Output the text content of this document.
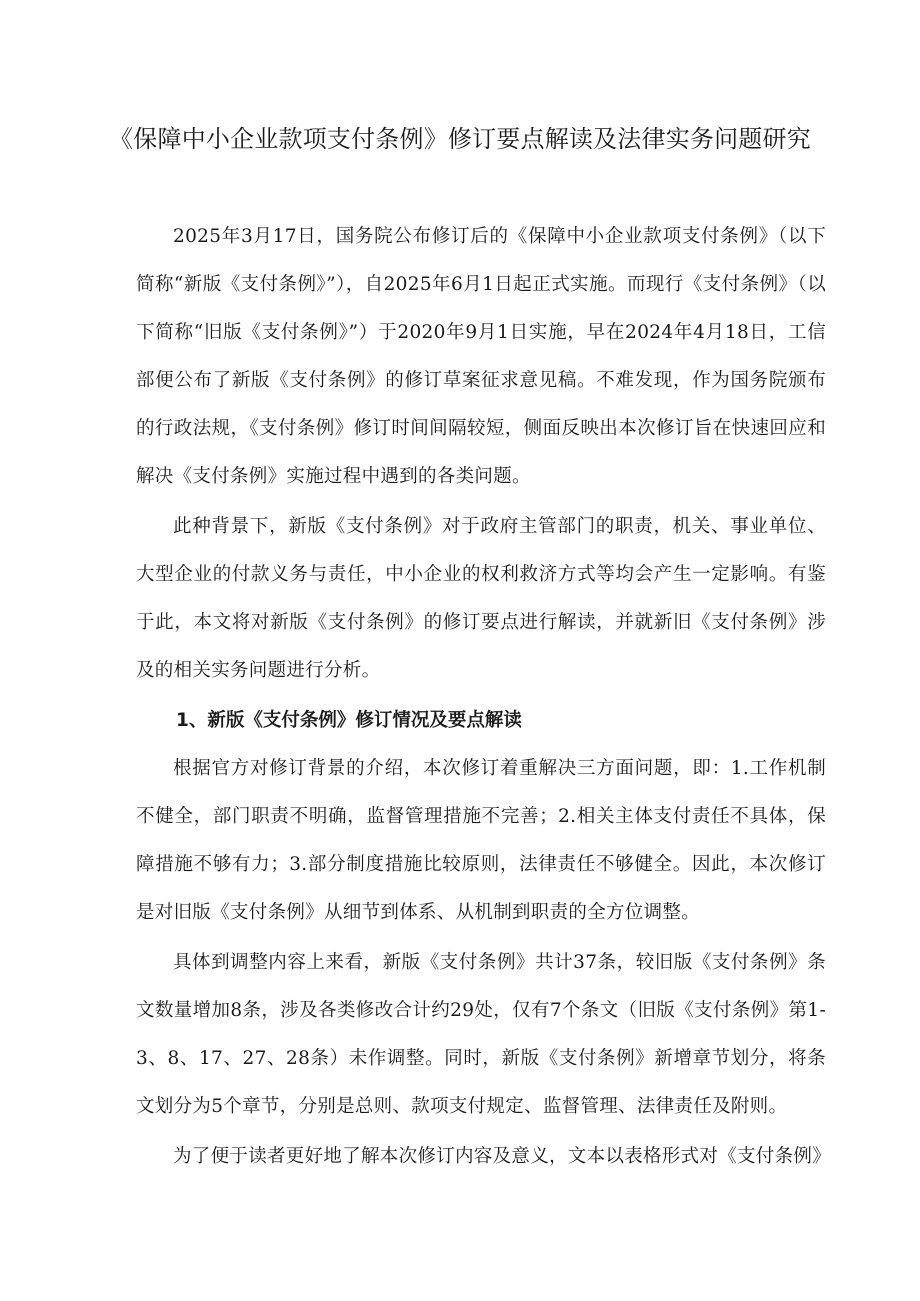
《保障中小企业款项支付条例》修订要点解读及法律实务问题研究

2025年3月17日，国务院公布修订后的《保障中小企业款项支付条例》（以下简称“新版《支付条例》”），自2025年6月1日起正式实施。而现行《支付条例》（以下简称“旧版《支付条例》”）于2020年9月1日实施，早在2024年4月18日，工信部便公布了新版《支付条例》的修订草案征求意见稿。不难发现，作为国务院颁布的行政法规，《支付条例》修订时间间隔较短，侧面反映出本次修订旨在快速回应和解决《支付条例》实施过程中遇到的各类问题。

此种背景下，新版《支付条例》对于政府主管部门的职责，机关、事业单位、大型企业的付款义务与责任，中小企业的权利救济方式等均会产生一定影响。有鉴于此，本文将对新版《支付条例》的修订要点进行解读，并就新旧《支付条例》涉及的相关实务问题进行分析。

1、新版《支付条例》修订情况及要点解读

根据官方对修订背景的介绍，本次修订着重解决三方面问题，即：1.工作机制不健全，部门职责不明确，监督管理措施不完善；2.相关主体支付责任不具体，保障措施不够有力；3.部分制度措施比较原则，法律责任不够健全。因此，本次修订是对旧版《支付条例》从细节到体系、从机制到职责的全方位调整。

具体到调整内容上来看，新版《支付条例》共计37条，较旧版《支付条例》条文数量增加8条，涉及各类修改合计约29处，仅有7个条文（旧版《支付条例》第1-3、8、17、27、28条）未作调整。同时，新版《支付条例》新增章节划分，将条文划分为5个章节，分别是总则、款项支付规定、监督管理、法律责任及附则。

为了便于读者更好地了解本次修订内容及意义，文本以表格形式对《支付条例》
